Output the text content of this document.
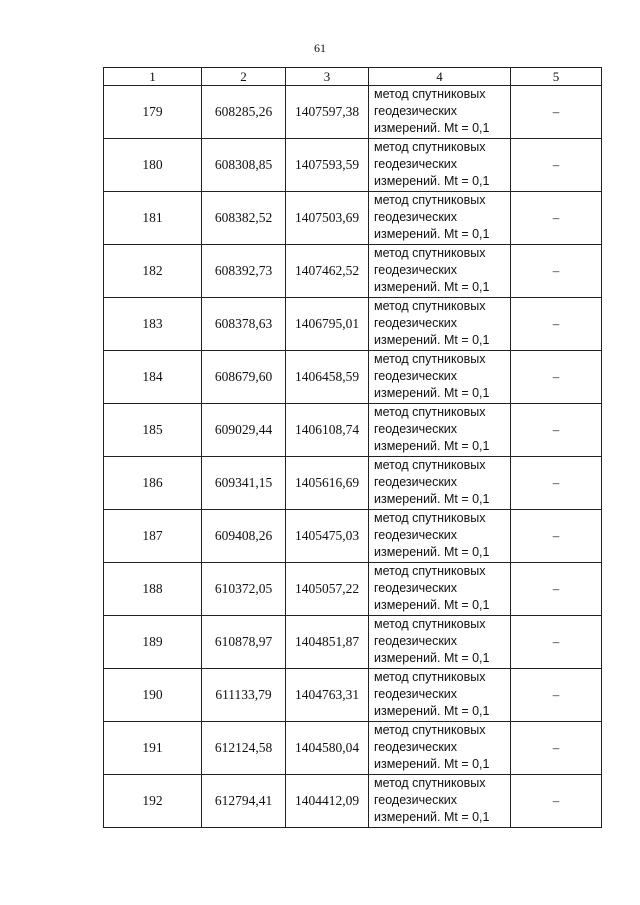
61
1	2	3	4	5
179	608285,26	1407597,38	метод спутниковых
геодезических
измерений. Mt = 0,1	–
180	608308,85	1407593,59	метод спутниковых
геодезических
измерений. Mt = 0,1	–
181	608382,52	1407503,69	метод спутниковых
геодезических
измерений. Mt = 0,1	–
182	608392,73	1407462,52	метод спутниковых
геодезических
измерений. Mt = 0,1	–
183	608378,63	1406795,01	метод спутниковых
геодезических
измерений. Mt = 0,1	–
184	608679,60	1406458,59	метод спутниковых
геодезических
измерений. Mt = 0,1	–
185	609029,44	1406108,74	метод спутниковых
геодезических
измерений. Mt = 0,1	–
186	609341,15	1405616,69	метод спутниковых
геодезических
измерений. Mt = 0,1	–
187	609408,26	1405475,03	метод спутниковых
геодезических
измерений. Mt = 0,1	–
188	610372,05	1405057,22	метод спутниковых
геодезических
измерений. Mt = 0,1	–
189	610878,97	1404851,87	метод спутниковых
геодезических
измерений. Mt = 0,1	–
190	611133,79	1404763,31	метод спутниковых
геодезических
измерений. Mt = 0,1	–
191	612124,58	1404580,04	метод спутниковых
геодезических
измерений. Mt = 0,1	–
192	612794,41	1404412,09	метод спутниковых
геодезических
измерений. Mt = 0,1	–
